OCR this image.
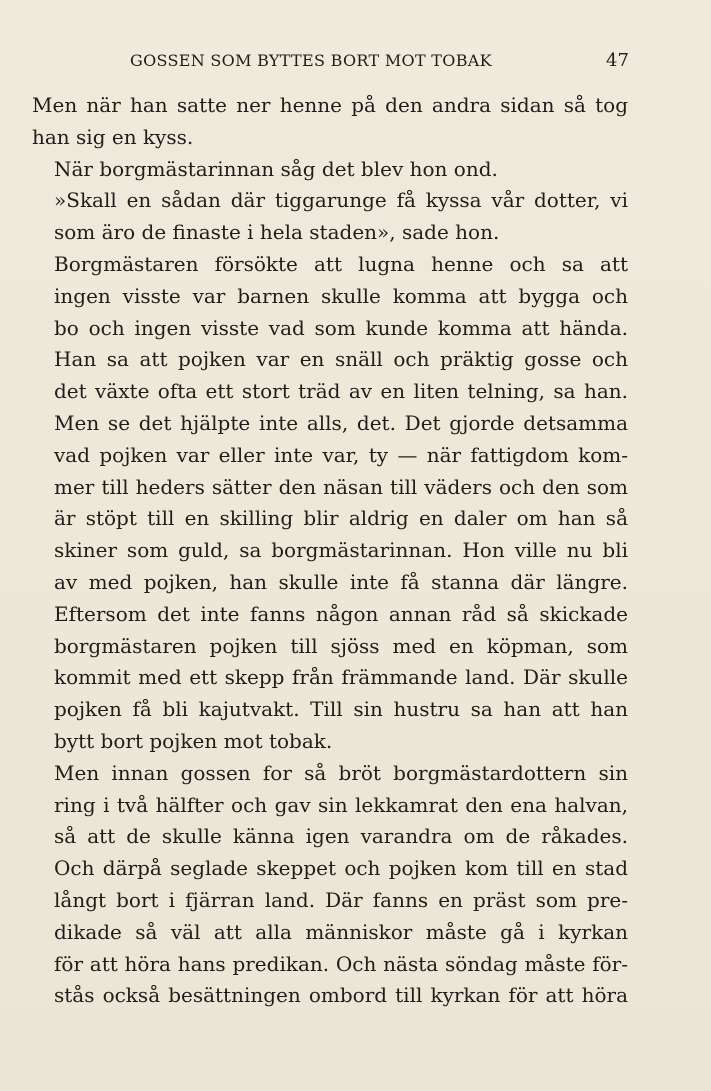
GOSSEN SOM BYTTES BORT MOT TOBAK	47

Men när han satte ner henne på den andra sidan så tog
han sig en kyss.

När borgmästarinnan såg det blev hon ond.

»Skall en sådan där tiggarunge få kyssa vår dotter, vi
som äro de finaste i hela staden», sade hon.

Borgmästaren försökte att lugna henne och sa att
ingen visste var barnen skulle komma att bygga och
bo och ingen visste vad som kunde komma att hända.
Han sa att pojken var en snäll och präktig gosse och
det växte ofta ett stort träd av en liten telning, sa han.
Men se det hjälpte inte alls, det. Det gjorde detsamma
vad pojken var eller inte var, ty — när fattigdom kom-
mer till heders sätter den näsan till väders och den som
är stöpt till en skilling blir aldrig en daler om han så
skiner som guld, sa borgmästarinnan. Hon ville nu bli
av med pojken, han skulle inte få stanna där längre.
Eftersom det inte fanns någon annan råd så skickade
borgmästaren pojken till sjöss med en köpman, som
kommit med ett skepp från främmande land. Där skulle
pojken få bli kajutvakt. Till sin hustru sa han att han
bytt bort pojken mot tobak.

Men innan gossen for så bröt borgmästardottern sin
ring i två hälfter och gav sin lekkamrat den ena halvan,
så att de skulle känna igen varandra om de råkades.
Och därpå seglade skeppet och pojken kom till en stad
långt bort i fjärran land. Där fanns en präst som pre-
dikade så väl att alla människor måste gå i kyrkan
för att höra hans predikan. Och nästa söndag måste för-
stås också besättningen ombord till kyrkan för att höra
